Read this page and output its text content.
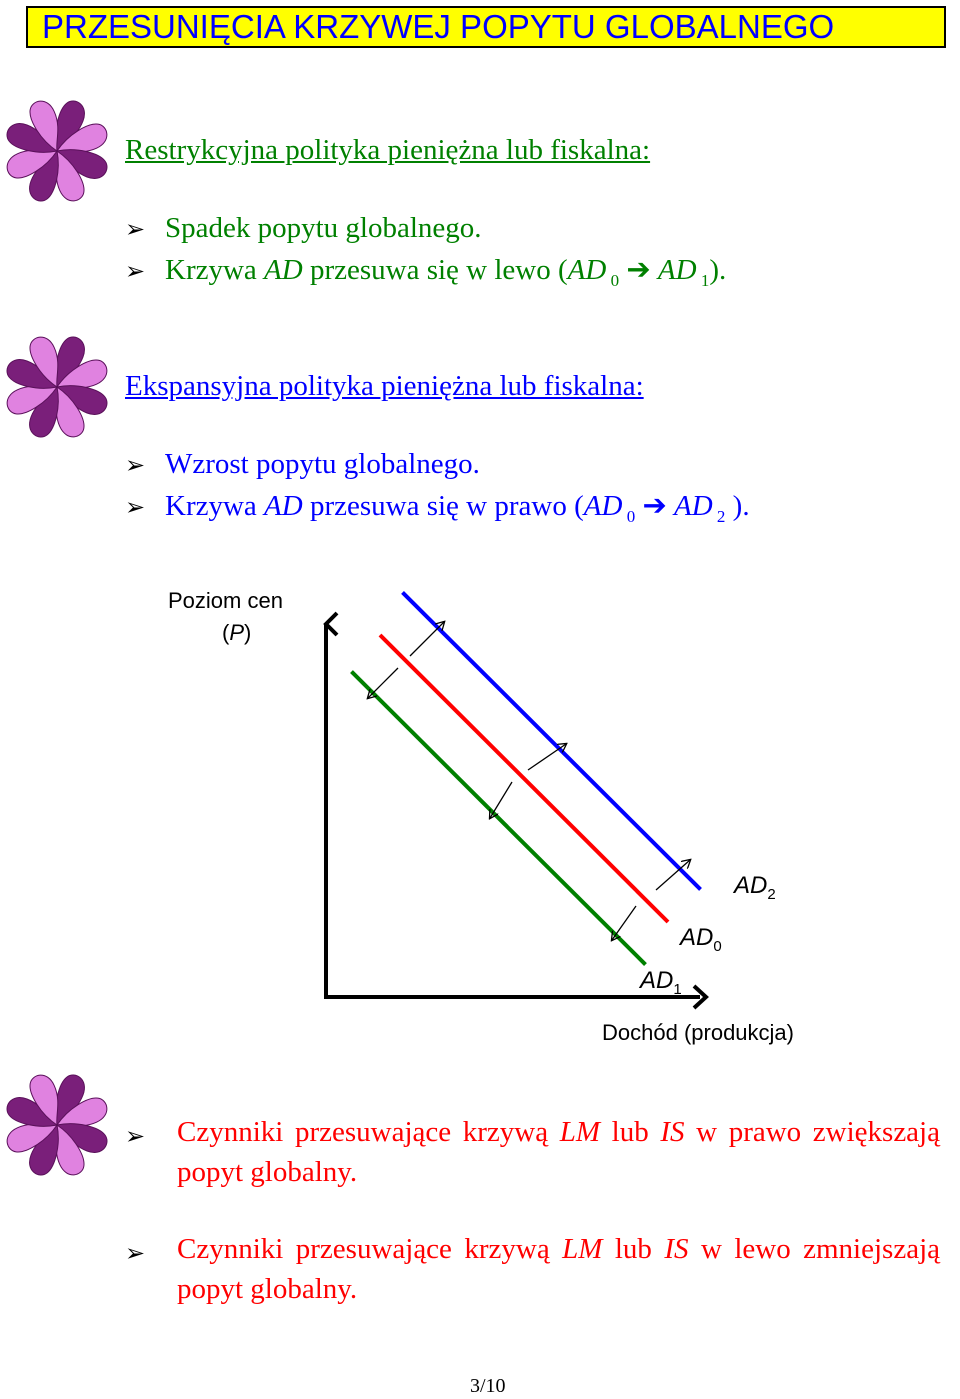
PRZESUNIĘCIA KRZYWEJ POPYTU GLOBALNEGO
Restrykcyjna polityka pieniężna lub fiskalna:
➢ Spadek popytu globalnego.
➢ Krzywa AD przesuwa się w lewo (AD $_0$ ➔ AD $_1$).
Ekspansyjna polityka pieniężna lub fiskalna:
➢ Wzrost popytu globalnego.
➢ Krzywa AD przesuwa się w prawo (AD $_0$ ➔ AD $_2$ ).
Poziom cen
(P)
$AD_2$
$AD_0$
$AD_1$
Dochód (produkcja)
➢	Czynniki przesuwające krzywą LM lub IS w prawo zwiększają popyt globalny.
➢	Czynniki przesuwające krzywą LM lub IS w lewo zmniejszają popyt globalny.
3/10
